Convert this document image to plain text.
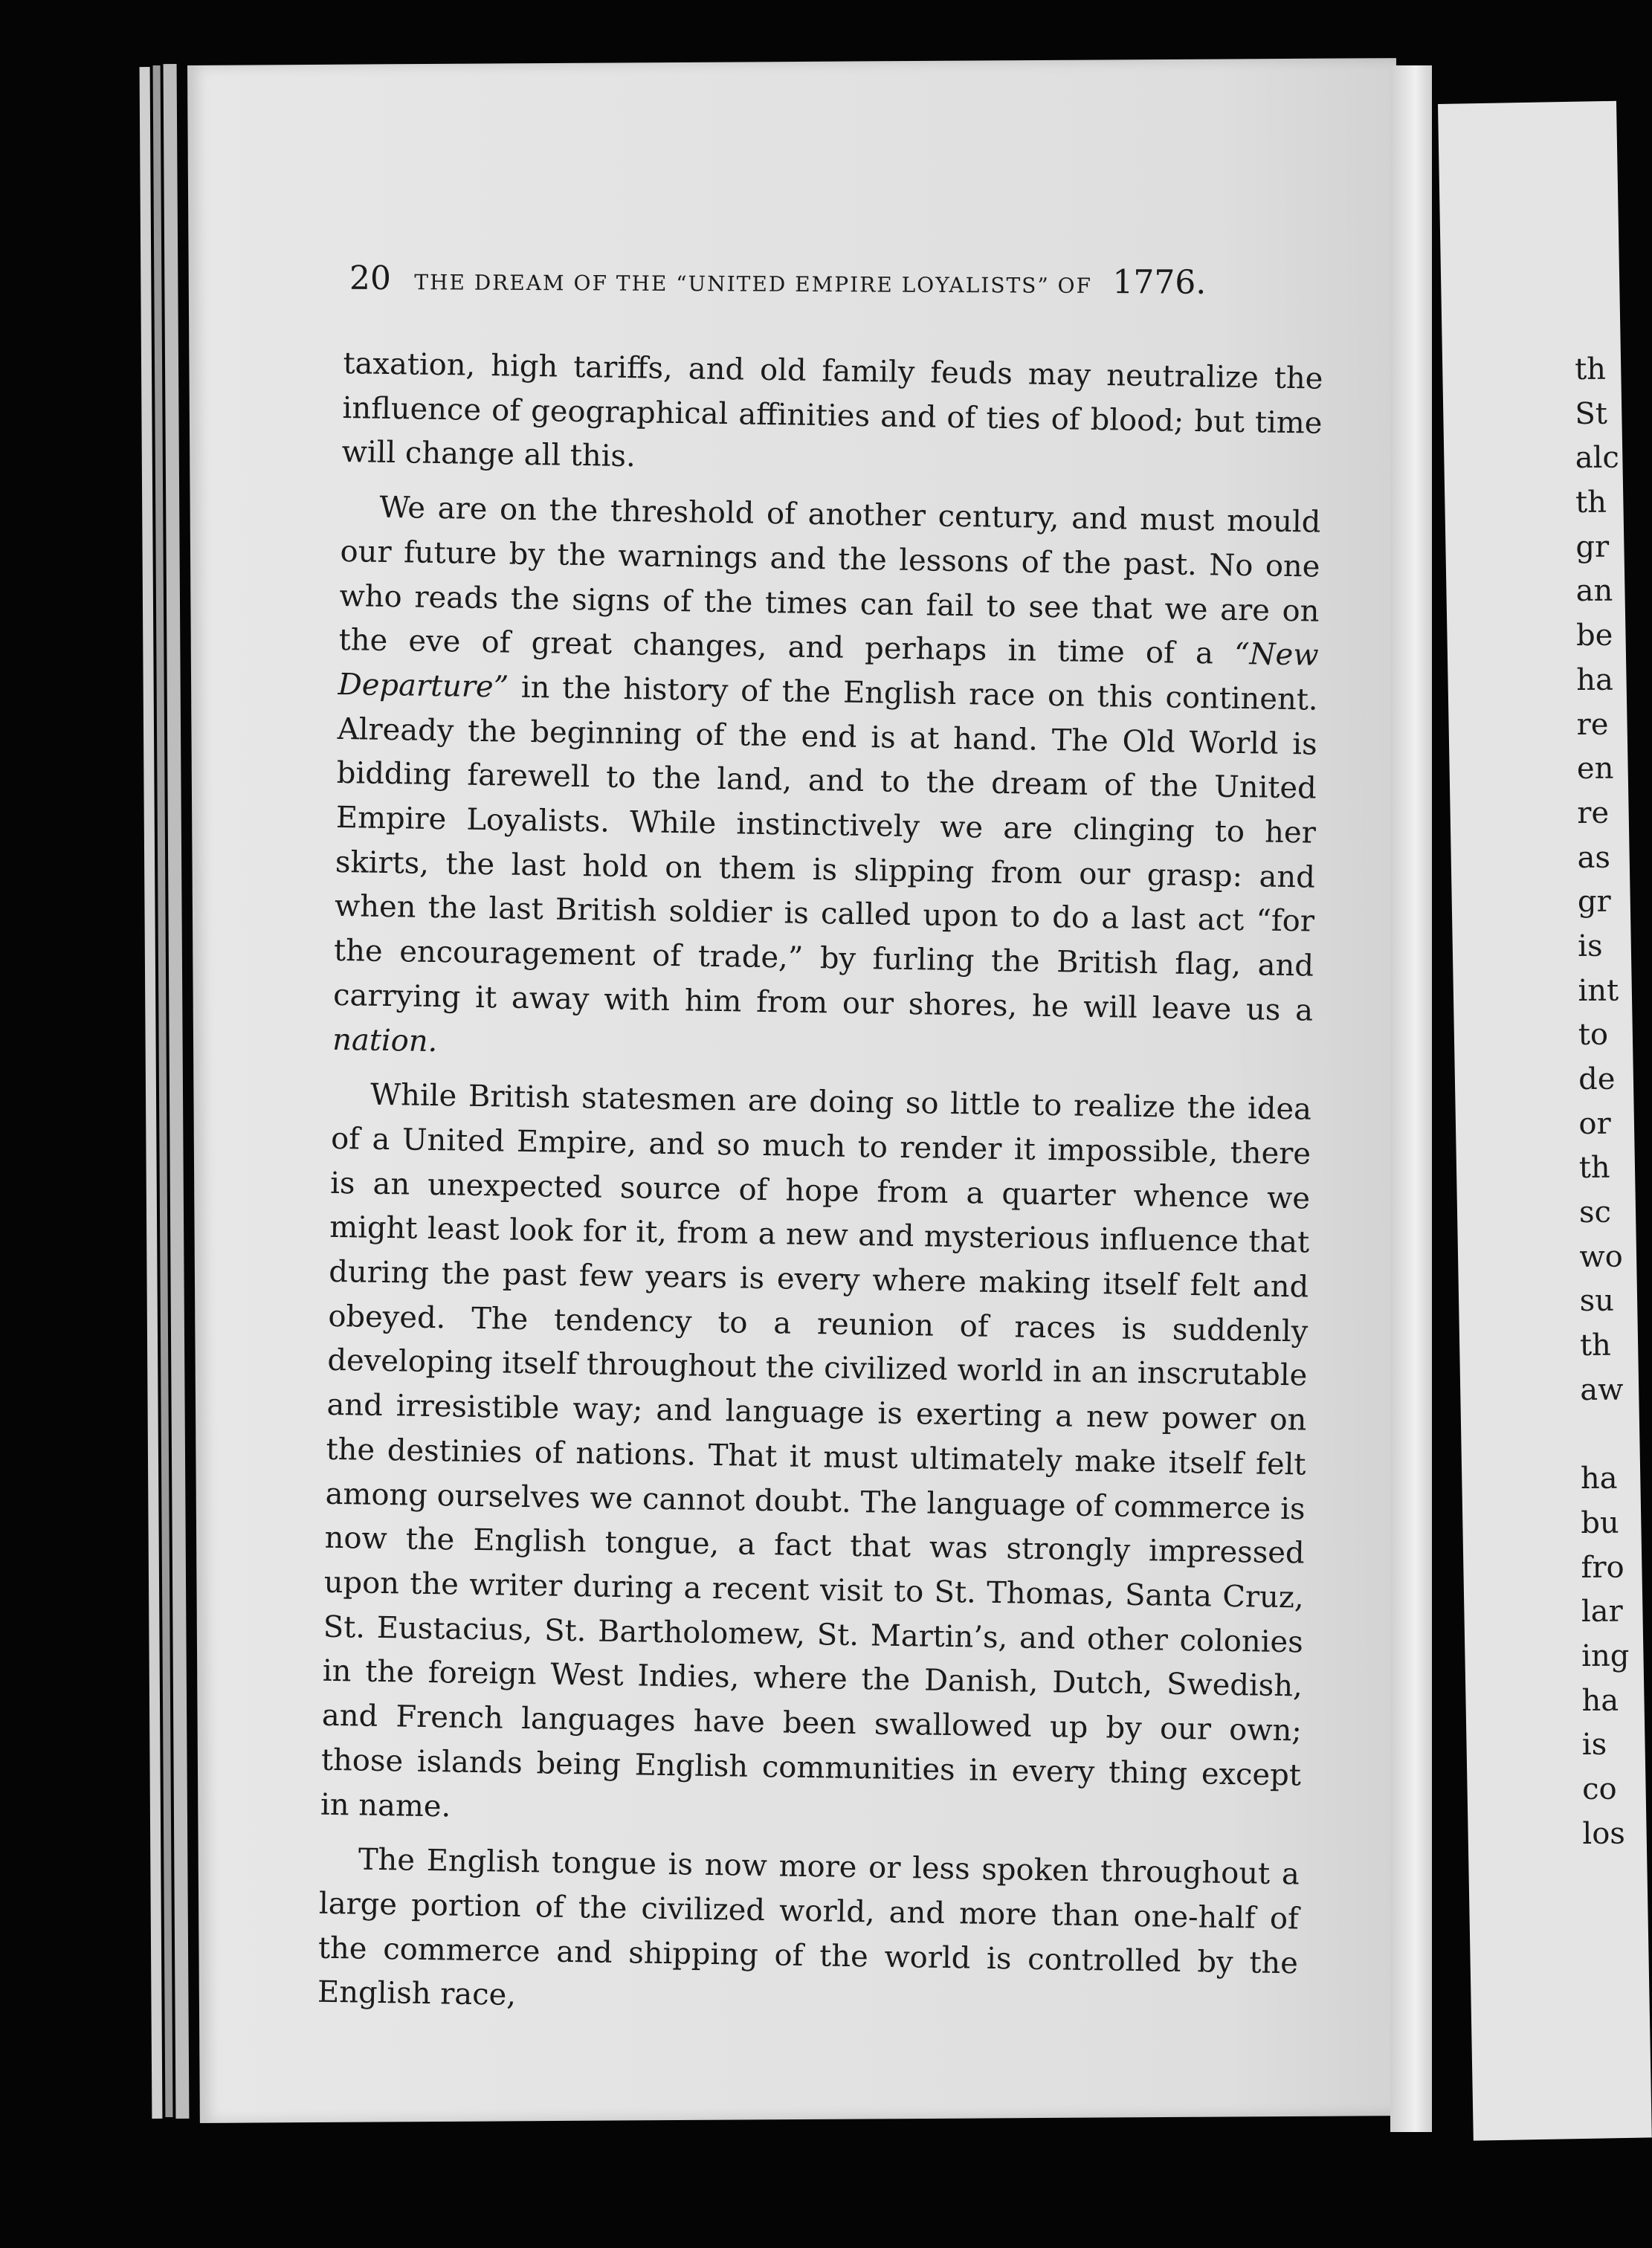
20 THE DREAM OF THE “UNITED EMPIRE LOYALISTS” OF 1776.

taxation, high tariffs, and old family feuds may neutralize the influence of geographical affinities and of ties of blood; but time will change all this.

We are on the threshold of another century, and must mould our future by the warnings and the lessons of the past. No one who reads the signs of the times can fail to see that we are on the eve of great changes, and perhaps in time of a “New Departure” in the history of the English race on this continent. Already the beginning of the end is at hand. The Old World is bidding farewell to the land, and to the dream of the United Empire Loyalists. While instinctively we are clinging to her skirts, the last hold on them is slipping from our grasp: and when the last British soldier is called upon to do a last act “for the encouragement of trade,” by furling the British flag, and carrying it away with him from our shores, he will leave us a nation.

While British statesmen are doing so little to realize the idea of a United Empire, and so much to render it impossible, there is an unexpected source of hope from a quarter whence we might least look for it, from a new and mysterious influence that during the past few years is every where making itself felt and obeyed. The tendency to a reunion of races is suddenly developing itself throughout the civilized world in an inscrutable and irresistible way; and language is exerting a new power on the destinies of nations. That it must ultimately make itself felt among ourselves we cannot doubt. The language of commerce is now the English tongue, a fact that was strongly impressed upon the writer during a recent visit to St. Thomas, Santa Cruz, St. Eustacius, St. Bartholomew, St. Martin’s, and other colonies in the foreign West Indies, where the Danish, Dutch, Swedish, and French languages have been swallowed up by our own; those islands being English communities in every thing except in name.

The English tongue is now more or less spoken throughout a large portion of the civilized world, and more than one-half of the commerce and shipping of the world is controlled by the English race,

th
St
alc
th
gr
an
be
ha
re
en
re
as
gr
is
int
to
de
or
th
sc
wo
su
th
aw
ha
bu
fro
lar
ing
ha
is
co
los
